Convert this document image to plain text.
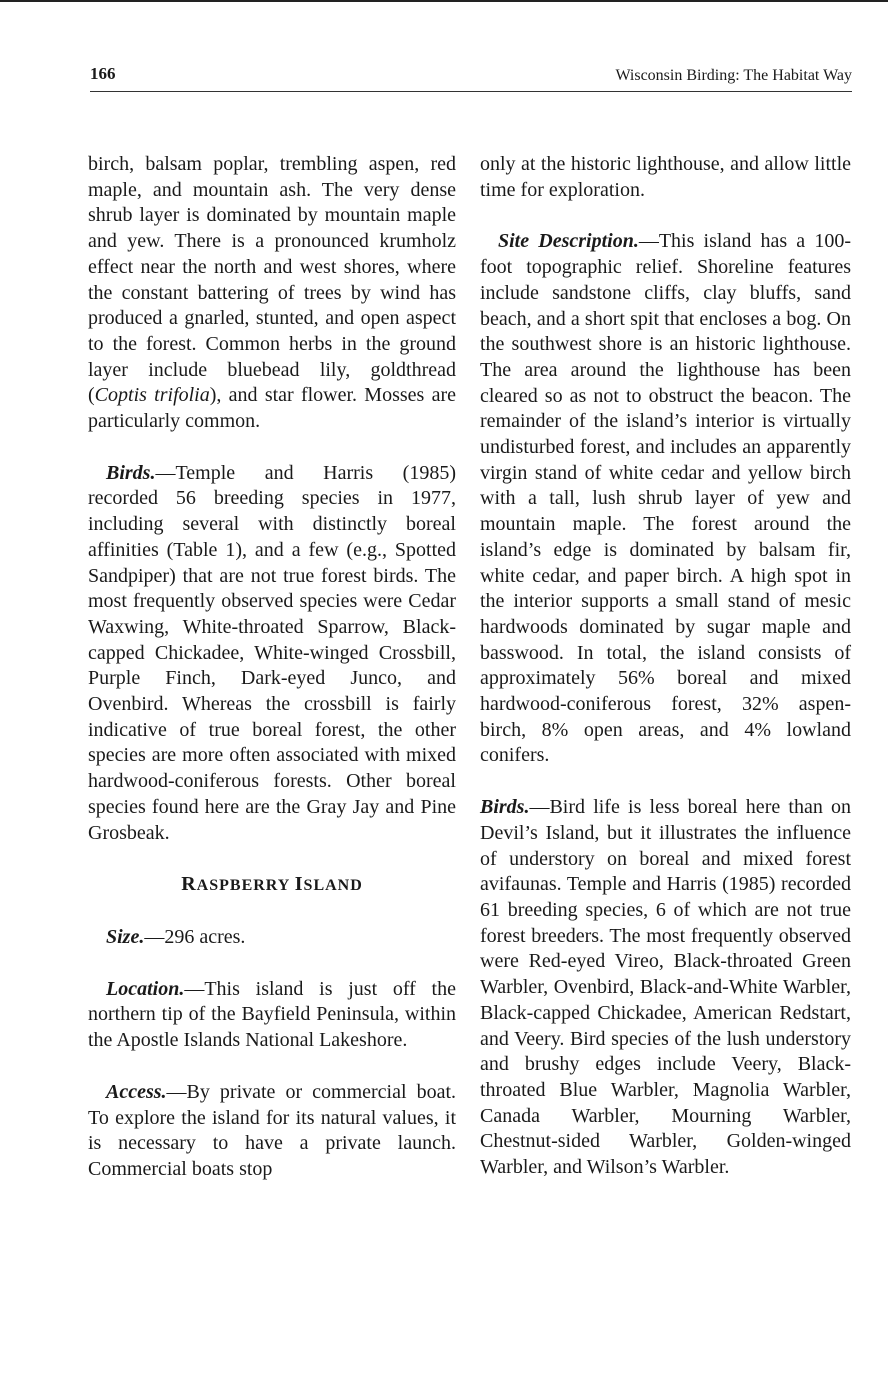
166	Wisconsin Birding: The Habitat Way

birch, balsam poplar, trembling aspen, red maple, and mountain ash. The very dense shrub layer is dominated by mountain maple and yew. There is a pronounced krumholz effect near the north and west shores, where the constant battering of trees by wind has produced a gnarled, stunted, and open aspect to the forest. Common herbs in the ground layer include bluebead lily, goldthread (Coptis trifolia), and star flower. Mosses are particularly common.

Birds.—Temple and Harris (1985) recorded 56 breeding species in 1977, including several with distinctly boreal affinities (Table 1), and a few (e.g., Spotted Sandpiper) that are not true forest birds. The most frequently observed species were Cedar Waxwing, White-throated Sparrow, Black-capped Chickadee, White-winged Crossbill, Purple Finch, Dark-eyed Junco, and Ovenbird. Whereas the crossbill is fairly indicative of true boreal forest, the other species are more often associated with mixed hardwood-coniferous forests. Other boreal species found here are the Gray Jay and Pine Grosbeak.

RASPBERRY ISLAND

Size.—296 acres.

Location.—This island is just off the northern tip of the Bayfield Peninsula, within the Apostle Islands National Lakeshore.

Access.—By private or commercial boat. To explore the island for its natural values, it is necessary to have a private launch. Commercial boats stop

only at the historic lighthouse, and allow little time for exploration.

Site Description.—This island has a 100-foot topographic relief. Shoreline features include sandstone cliffs, clay bluffs, sand beach, and a short spit that encloses a bog. On the southwest shore is an historic lighthouse. The area around the lighthouse has been cleared so as not to obstruct the beacon. The remainder of the island’s interior is virtually undisturbed forest, and includes an apparently virgin stand of white cedar and yellow birch with a tall, lush shrub layer of yew and mountain maple. The forest around the island’s edge is dominated by balsam fir, white cedar, and paper birch. A high spot in the interior supports a small stand of mesic hardwoods dominated by sugar maple and basswood. In total, the island consists of approximately 56% boreal and mixed hardwood-coniferous forest, 32% aspen-birch, 8% open areas, and 4% lowland conifers.

Birds.—Bird life is less boreal here than on Devil’s Island, but it illustrates the influence of understory on boreal and mixed forest avifaunas. Temple and Harris (1985) recorded 61 breeding species, 6 of which are not true forest breeders. The most frequently observed were Red-eyed Vireo, Black-throated Green Warbler, Ovenbird, Black-and-White Warbler, Black-capped Chickadee, American Redstart, and Veery. Bird species of the lush understory and brushy edges include Veery, Black-throated Blue Warbler, Magnolia Warbler, Canada Warbler, Mourning Warbler, Chestnut-sided Warbler, Golden-winged Warbler, and Wilson’s Warbler.
